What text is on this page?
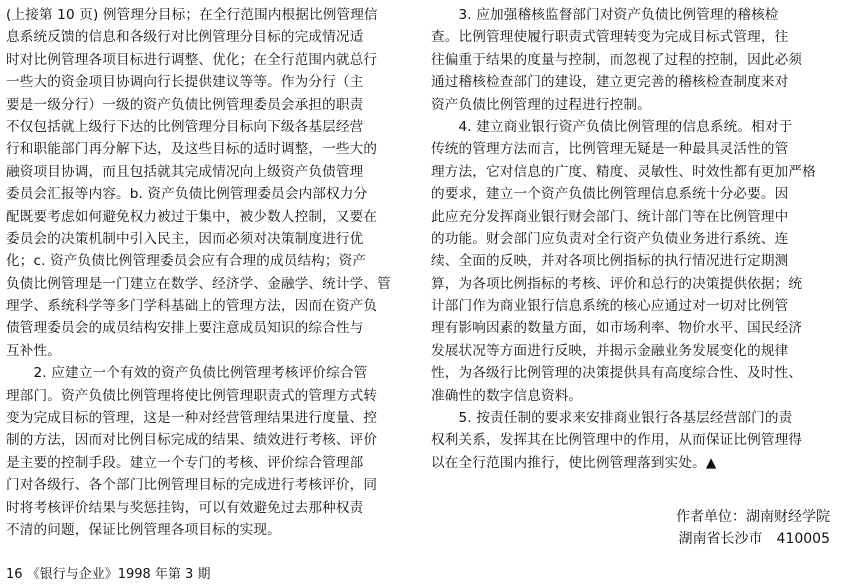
(上接第 10 页) 例管理分目标；在全行范围内根据比例管理信
息系统反馈的信息和各级行对比例管理分目标的完成情况适
时对比例管理各项目标进行调整、优化；在全行范围内就总行
一些大的资金项目协调向行长提供建议等等。作为分行（主
要是一级分行）一级的资产负债比例管理委员会承担的职责
不仅包括就上级行下达的比例管理分目标向下级各基层经营
行和职能部门再分解下达，及这些目标的适时调整，一些大的
融资项目协调，而且包括就其完成情况向上级资产负债管理
委员会汇报等内容。b. 资产负债比例管理委员会内部权力分
配既要考虑如何避免权力被过于集中，被少数人控制，又要在
委员会的决策机制中引入民主，因而必须对决策制度进行优
化；c. 资产负债比例管理委员会应有合理的成员结构；资产
负债比例管理是一门建立在数学、经济学、金融学、统计学、管
理学、系统科学等多门学科基础上的管理方法，因而在资产负
债管理委员会的成员结构安排上要注意成员知识的综合性与
互补性。
　　2. 应建立一个有效的资产负债比例管理考核评价综合管
理部门。资产负债比例管理将使比例管理职责式的管理方式转
变为完成目标的管理，这是一种对经营管理结果进行度量、控
制的方法，因而对比例目标完成的结果、绩效进行考核、评价
是主要的控制手段。建立一个专门的考核、评价综合管理部
门对各级行、各个部门比例管理目标的完成进行考核评价，同
时将考核评价结果与奖惩挂钩，可以有效避免过去那种权责
不清的问题，保证比例管理各项目标的实现。
　　3. 应加强稽核监督部门对资产负债比例管理的稽核检
查。比例管理使履行职责式管理转变为完成目标式管理，往
往偏重于结果的度量与控制，而忽视了过程的控制，因此必须
通过稽核检查部门的建设，建立更完善的稽核检查制度来对
资产负债比例管理的过程进行控制。
　　4. 建立商业银行资产负债比例管理的信息系统。相对于
传统的管理方法而言，比例管理无疑是一种最具灵活性的管
理方法，它对信息的广度、精度、灵敏性、时效性都有更加严格
的要求，建立一个资产负债比例管理信息系统十分必要。因
此应充分发挥商业银行财会部门、统计部门等在比例管理中
的功能。财会部门应负责对全行资产负债业务进行系统、连
续、全面的反映，并对各项比例指标的执行情况进行定期测
算，为各项比例指标的考核、评价和总行的决策提供依据；统
计部门作为商业银行信息系统的核心应通过对一切对比例管
理有影响因素的数量方面，如市场利率、物价水平、国民经济
发展状况等方面进行反映，并揭示金融业务发展变化的规律
性，为各级行比例管理的决策提供具有高度综合性、及时性、
准确性的数字信息资料。
　　5. 按责任制的要求来安排商业银行各基层经营部门的责
权利关系，发挥其在比例管理中的作用，从而保证比例管理得
以在全行范围内推行，使比例管理落到实处。▲
作者单位：湖南财经学院
湖南省长沙市　410005
16 《银行与企业》1998 年第 3 期
